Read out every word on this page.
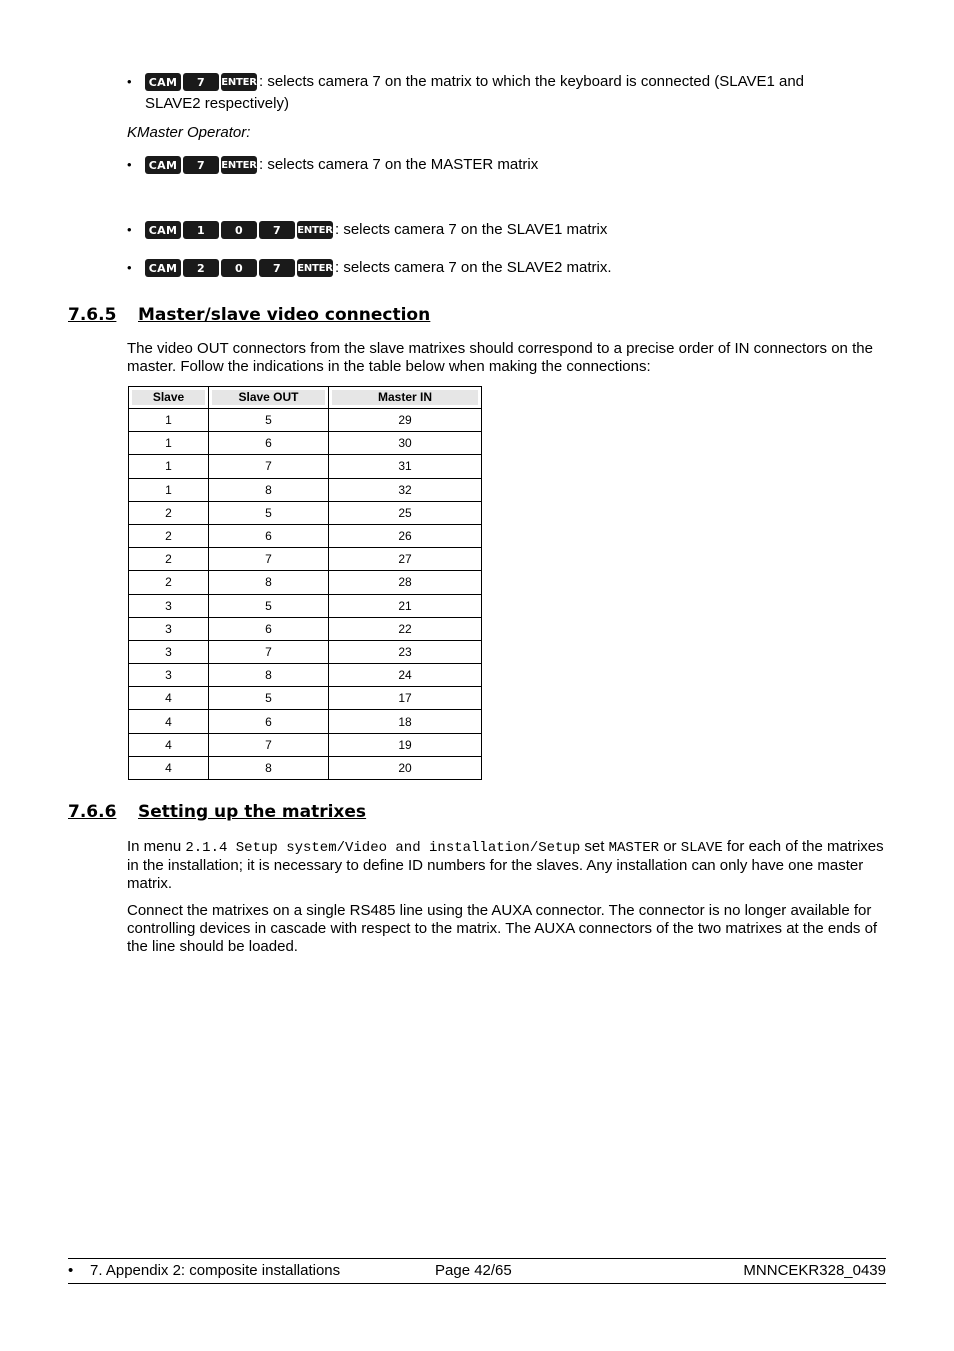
•	CAM	7	ENTER : selects camera 7 on the matrix to which the keyboard is connected (SLAVE1 and
SLAVE2 respectively)
KMaster Operator:
•	CAM	7	ENTER : selects camera 7 on the MASTER matrix
•	CAM	1	0	7	ENTER : selects camera 7 on the SLAVE1 matrix
•	CAM	2	0	7	ENTER : selects camera 7 on the SLAVE2 matrix.
7.6.5	Master/slave video connection
The video OUT connectors from the slave matrixes should correspond to a precise order of IN connectors on the master. Follow the indications in the table below when making the connections:
Slave	Slave OUT	Master IN

1	5	29
1	6	30
1	7	31
1	8	32
2	5	25
2	6	26
2	7	27
2	8	28
3	5	21
3	6	22
3	7	23
3	8	24
4	5	17
4	6	18
4	7	19
4	8	20
7.6.6	Setting up the matrixes
In menu 2.1.4 Setup system/Video and installation/Setup set MASTER or SLAVE for each of the matrixes in the installation; it is necessary to define ID numbers for the slaves. Any installation can only have one master matrix.
Connect the matrixes on a single RS485 line using the AUXA connector. The connector is no longer available for controlling devices in cascade with respect to the matrix. The AUXA connectors of the two matrixes at the ends of the line should be loaded.
• 7. Appendix 2: composite installations	Page 42/65	MNNCEKR328_0439
